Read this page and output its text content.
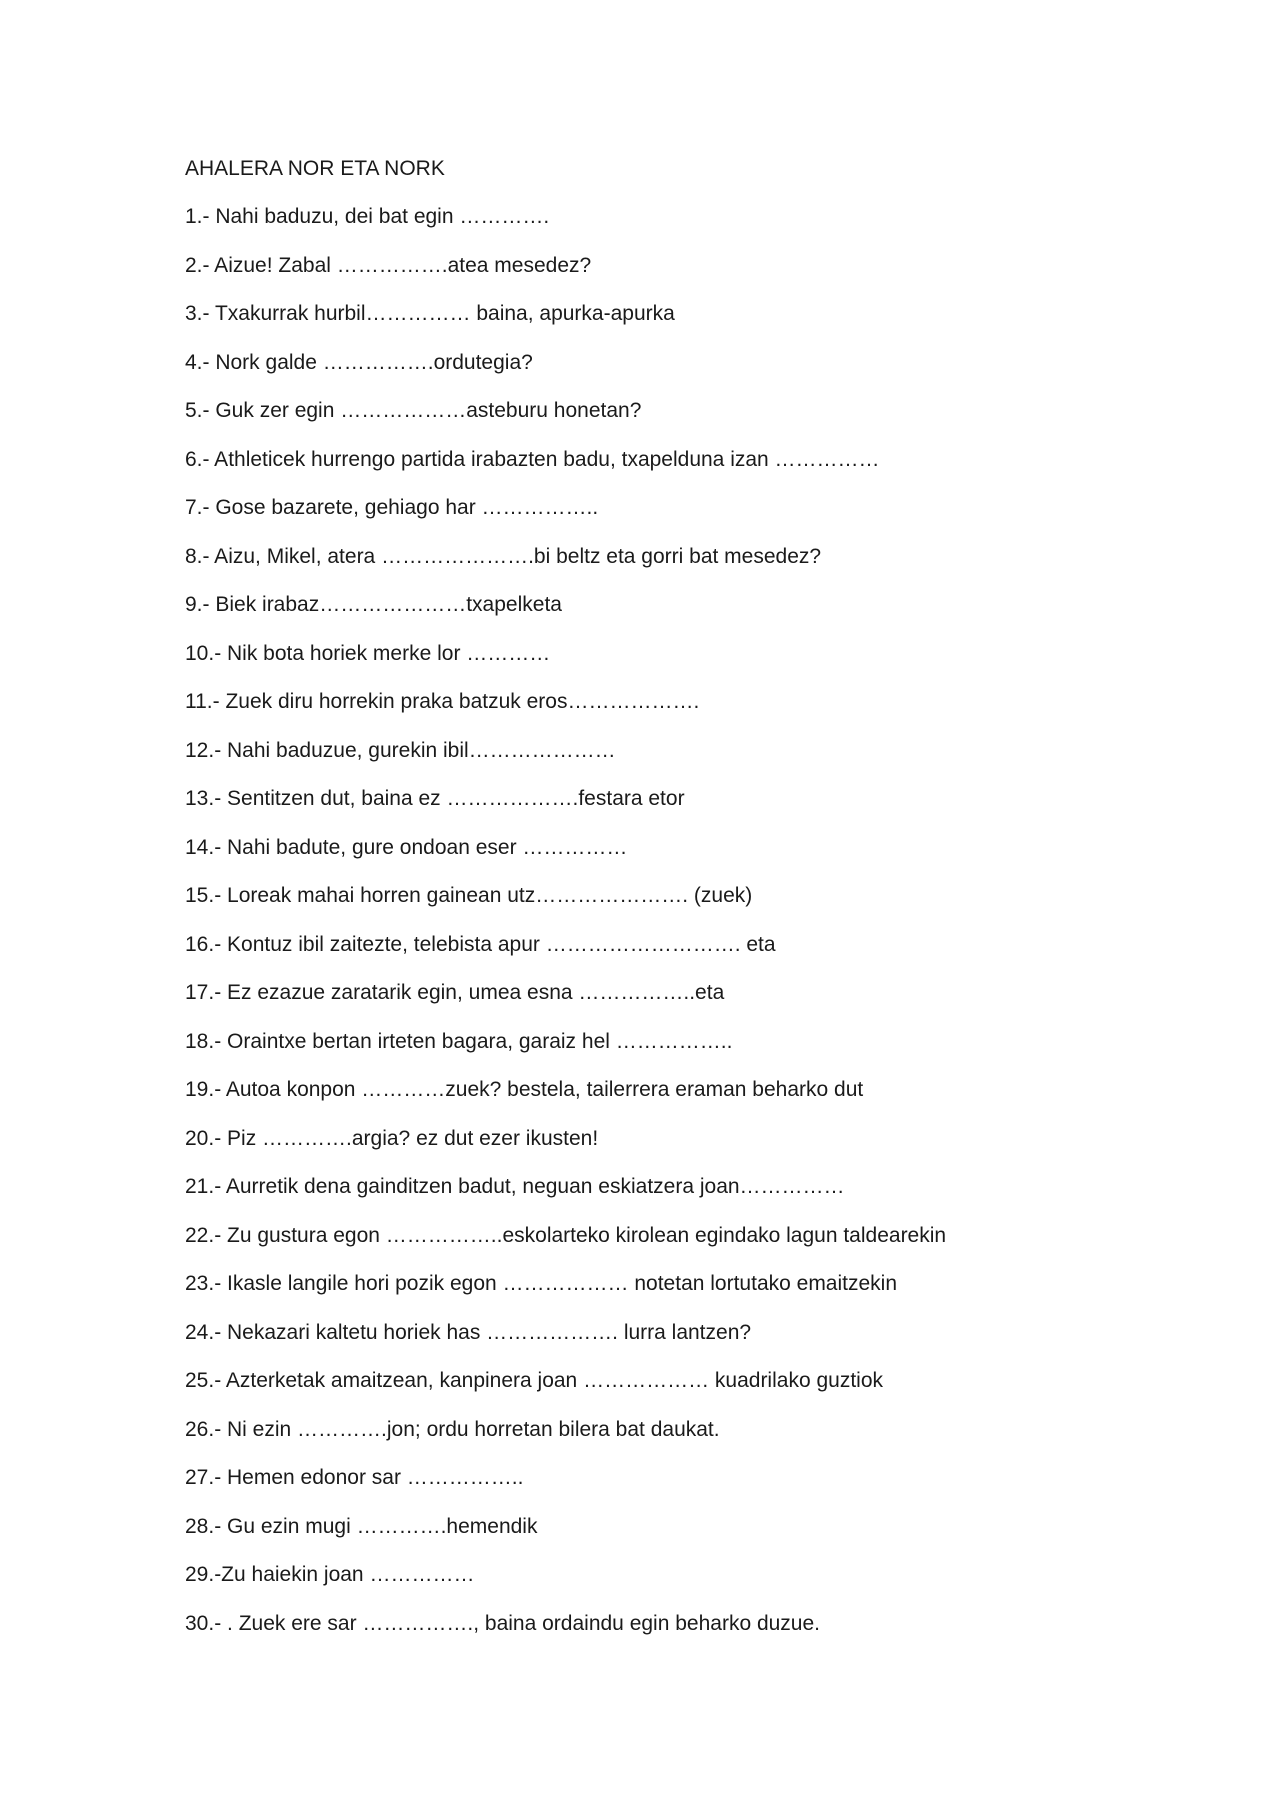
AHALERA NOR ETA NORK

1.- Nahi baduzu, dei bat egin ………….
2.- Aizue! Zabal …………….atea mesedez?
3.- Txakurrak hurbil…………… baina, apurka-apurka
4.- Nork galde …………….ordutegia?
5.- Guk zer egin ………………asteburu honetan?
6.- Athleticek hurrengo partida irabazten badu, txapelduna izan ……………
7.- Gose bazarete, gehiago har ……………..
8.- Aizu, Mikel, atera ………………….bi beltz eta gorri bat mesedez?
9.- Biek irabaz…………………txapelketa
10.- Nik bota horiek merke lor …………
11.- Zuek diru horrekin praka batzuk eros……………….
12.- Nahi baduzue, gurekin ibil…………………
13.- Sentitzen dut, baina ez ……………….festara etor
14.- Nahi badute, gure ondoan eser ……………
15.- Loreak mahai horren gainean utz…………………. (zuek)
16.- Kontuz ibil zaitezte, telebista apur ………………………. eta
17.- Ez ezazue zaratarik egin, umea esna ……………..eta
18.- Oraintxe bertan irteten bagara, garaiz hel ……………..
19.- Autoa konpon …………zuek? bestela, tailerrera eraman beharko dut
20.- Piz ………….argia? ez dut ezer ikusten!
21.- Aurretik dena gainditzen badut, neguan eskiatzera joan……………
22.- Zu gustura egon ……………..eskolarteko kirolean egindako lagun taldearekin
23.- Ikasle langile hori pozik egon ……………… notetan lortutako emaitzekin
24.- Nekazari kaltetu horiek has ………………. lurra lantzen?
25.- Azterketak amaitzean, kanpinera joan ……………… kuadrilako guztiok
26.- Ni ezin ………….jon; ordu horretan bilera bat daukat.
27.- Hemen edonor sar ……………..
28.- Gu ezin mugi ………….hemendik
29.-Zu haiekin joan ……………
30.- . Zuek ere sar ……………., baina ordaindu egin beharko duzue.
